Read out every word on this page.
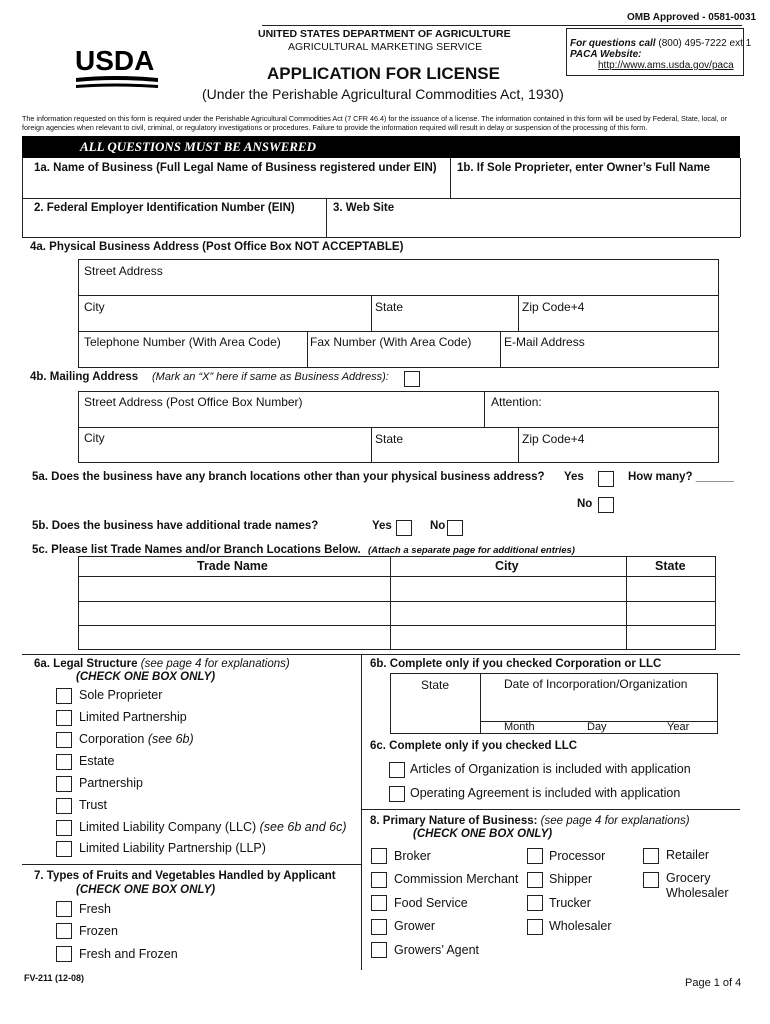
OMB Approved - 0581-0031
USDA
UNITED STATES DEPARTMENT OF AGRICULTURE
AGRICULTURAL MARKETING SERVICE	For questions call (800) 495-7222 ext 1
PACA Website:
http://www.ams.usda.gov/paca
APPLICATION FOR LICENSE
(Under the Perishable Agricultural Commodities Act, 1930)
The information requested on this form is required under the Perishable Agricultural Commodities Act (7 CFR 46.4) for the issuance of a license. The information contained in this form will be used by Federal, State, local, or foreign agencies when relevant to civil, criminal, or regulatory investigations or procedures. Failure to provide the information required will result in delay or suspension of the processing of this form.
ALL QUESTIONS MUST BE ANSWERED
1a. Name of Business (Full Legal Name of Business registered under EIN) 1b. If Sole Proprieter, enter Owner’s Full Name
2. Federal Employer Identification Number (EIN)	3. Web Site
4a. Physical Business Address (Post Office Box NOT ACCEPTABLE)
Street Address
City	State	Zip Code+4
Telephone Number (With Area Code) Fax Number (With Area Code)	E-Mail Address
4b. Mailing Address (Mark an “X” here if same as Business Address):
Street Address (Post Office Box Number)	Attention:
City	State	Zip Code+4
5a. Does the business have any branch locations other than your physical business address? Yes	How many? ______
No
5b. Does the business have additional trade names?	Yes	No
5c. Please list Trade Names and/or Branch Locations Below. (Attach a separate page for additional entries)
Trade Name	City	State
6a. Legal Structure (see page 4 for explanations)
(CHECK ONE BOX ONLY)
Sole Proprieter
Limited Partnership
Corporation (see 6b)
Estate
Partnership
Trust
Limited Liability Company (LLC) (see 6b and 6c)
Limited Liability Partnership (LLP)
7. Types of Fruits and Vegetables Handled by Applicant
(CHECK ONE BOX ONLY)
Fresh
Frozen
Fresh and Frozen
6b. Complete only if you checked Corporation or LLC
State	Date of Incorporation/Organization
Month	Day	Year
6c. Complete only if you checked LLC
Articles of Organization is included with application
Operating Agreement is included with application
8. Primary Nature of Business: (see page 4 for explanations)
(CHECK ONE BOX ONLY)
Broker
Commission Merchant
Food Service
Grower
Growers’ Agent
Processor
Shipper
Trucker
Wholesaler
Retailer
Grocery Wholesaler
FV-211 (12-08)	Page 1 of 4
